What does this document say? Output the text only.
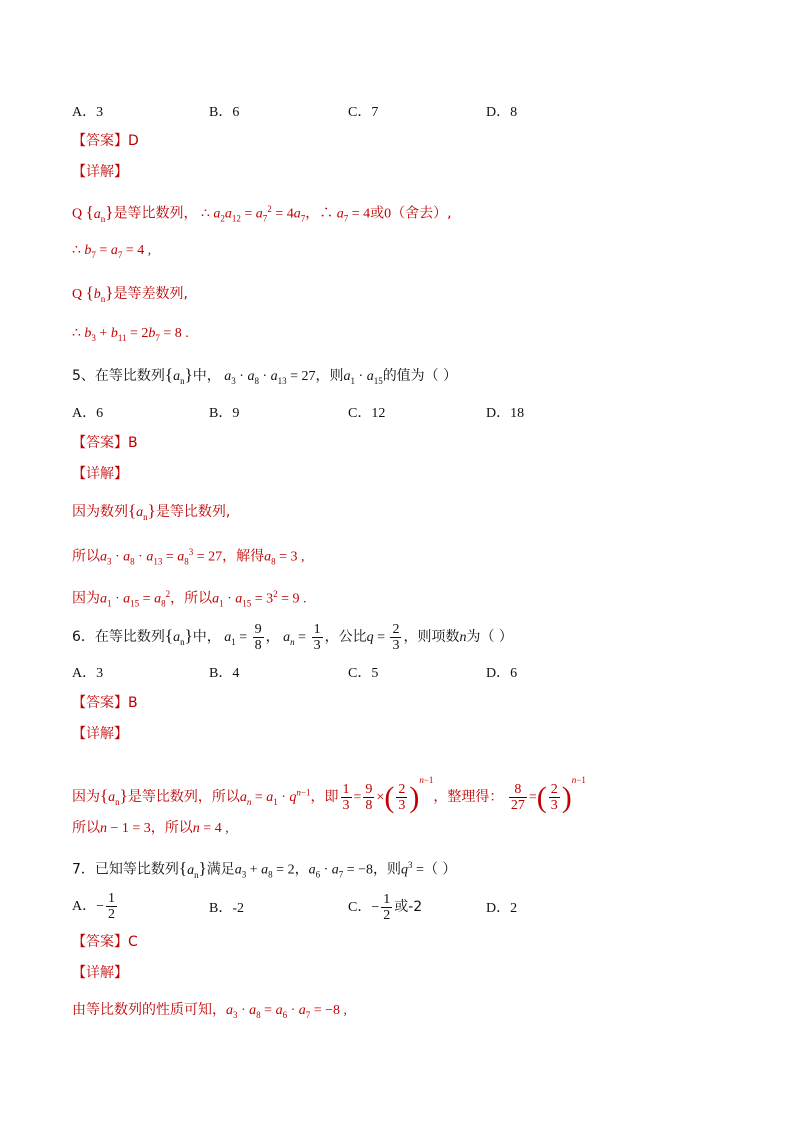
A．3	B．6	C．7	D．8
【答案】D
【详解】
Q $\{a_n\}$是等比数列， ∴ $a_2a_{12} = a_7^2 = 4a_7$，∴ $a_7 = 4$或0（舍去）,
∴ $b_7 = a_7 = 4$ ,
Q $\{b_n\}$是等差数列,
∴ $b_3 + b_{11} = 2b_7 = 8$ .
5、在等比数列$\{a_n\}$中， $a_3 \cdot a_8 \cdot a_{13} = 27$，则$a_1 \cdot a_{15}$的值为（ ）
A．6	B．9	C．12	D．18
【答案】B
【详解】
因为数列$\{a_n\}$是等比数列,
所以$a_3 \cdot a_8 \cdot a_{13} = a_8^3 = 27$，解得$a_8 = 3$ ,
因为$a_1 \cdot a_{15} = a_8^2$，所以$a_1 \cdot a_{15} = 3^2 = 9$ .
6．在等比数列$\{a_n\}$中， $a_1 = \frac{9}{8}$ ， $a_n = \frac{1}{3}$ ，公比$q = \frac{2}{3}$ ，则项数n为（ ）
A．3	B．4	C．5	D．6
【答案】B
【详解】
因为$\{a_n\}$是等比数列，所以$a_n = a_1 \cdot q^{n-1}$，即 $\frac{1}{3} = \frac{9}{8}$ ×( $\frac{2}{3} )^{n-1}$，整理得： $\frac{8}{27}$ =( $\frac{2}{3} )^{n-1}$
所以n − 1 = 3，所以n = 4 ,
7．已知等比数列$\{a_n\}$满足$a_3 + a_8 = 2$，$a_6 \cdot a_7 = -8$，则$q^3$ =（ ）
A．− $\frac{1}{2}$	B．-2	C．− $\frac{1}{2}$ 或-2	D．2
【答案】C
【详解】
由等比数列的性质可知，$a_3 \cdot a_8 = a_6 \cdot a_7 = -8$ ,
